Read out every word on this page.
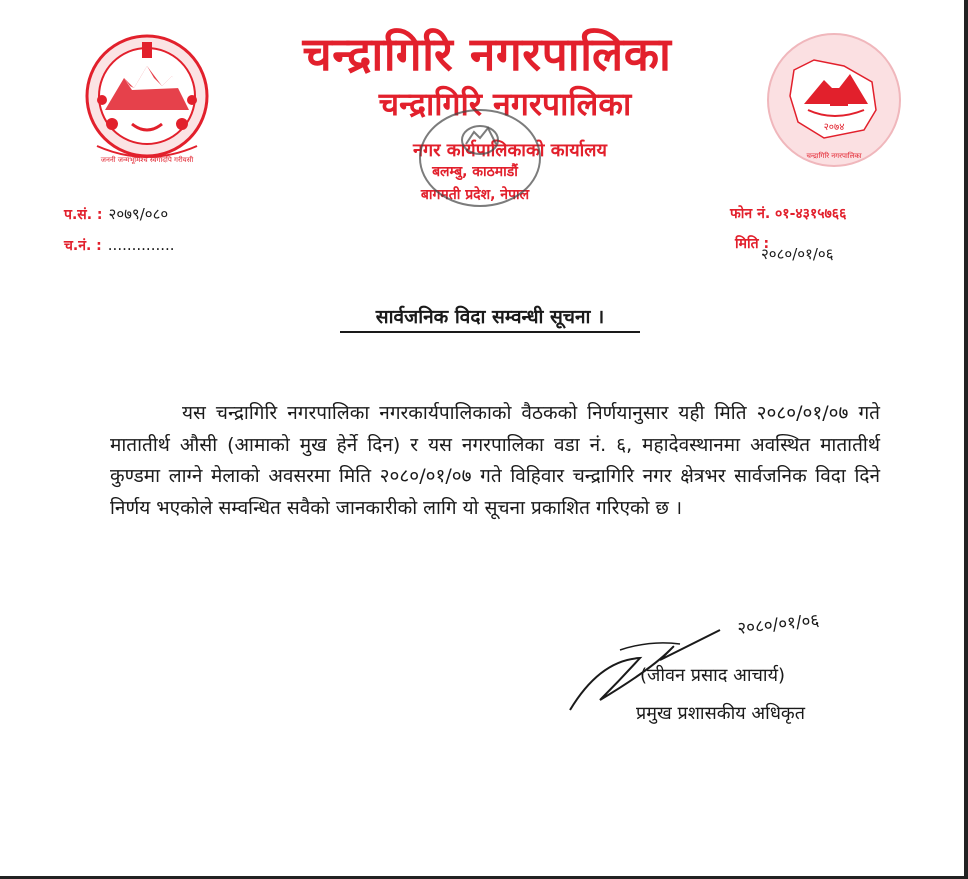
जननी जन्मभूमिश्च स्वर्गादपि गरीयसी
२०७४
चन्द्रागिरि नगरपालिका
चन्द्रागिरि नगरपालिका
चन्द्रागिरि नगरपालिका
नगर कार्यपालिकाको कार्यालय
बलम्बु, काठमाडौं
बागमती प्रदेश, नेपाल
प.सं. : २०७९/०८०
च.नं. : ..............
फोन नं. ०१-४३१५७६६
मिति :
२०८०/०१/०६
सार्वजनिक विदा सम्वन्धी सूचना ।
यस चन्द्रागिरि नगरपालिका नगरकार्यपालिकाको वैठकको निर्णयानुसार यही मिति २०८०/०१/०७ गते मातातीर्थ औसी (आमाको मुख हेर्ने दिन) र यस नगरपालिका वडा नं. ६, महादेवस्थानमा अवस्थित मातातीर्थ कुण्डमा लाग्ने मेलाको अवसरमा मिति २०८०/०१/०७ गते विहिवार चन्द्रागिरि नगर क्षेत्रभर सार्वजनिक विदा दिने निर्णय भएकोले सम्वन्धित सवैको जानकारीको लागि यो सूचना प्रकाशित गरिएको छ ।
२०८०/०१/०६
(जीवन प्रसाद आचार्य)
प्रमुख प्रशासकीय अधिकृत
